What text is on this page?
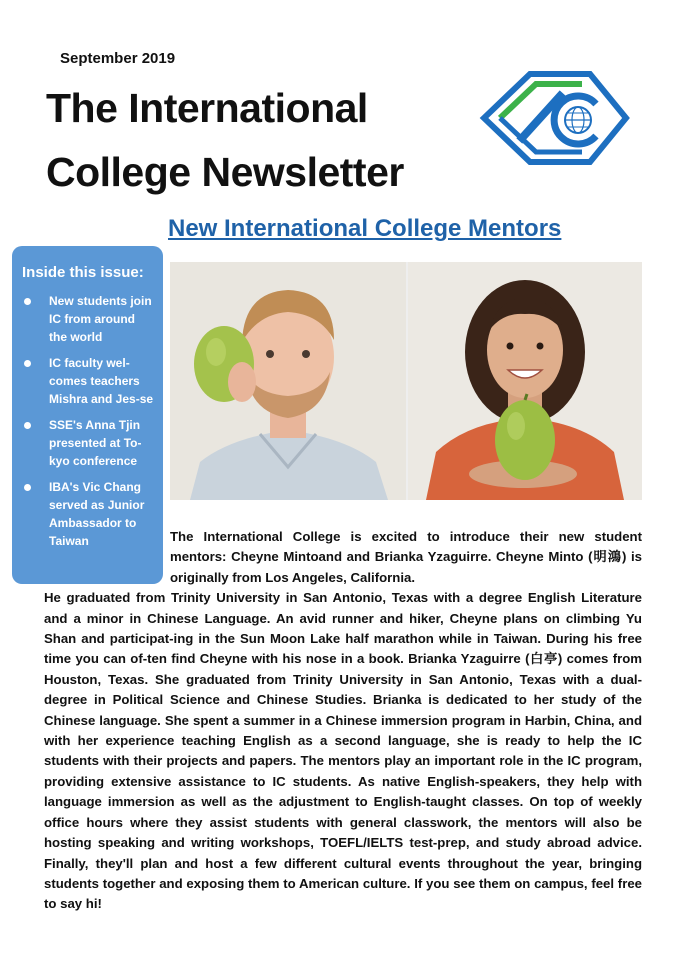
September 2019
The International
College Newsletter
New International College Mentors
Inside this issue:
New students join IC from around the world
IC faculty wel-comes teachers Mishra and Jes-se
SSE's Anna Tjin presented at To-kyo conference
IBA's Vic Chang served as Junior Ambassador to Taiwan	The International College is excited to introduce their new student mentors: Cheyne Mintoand and Brianka Yzaguirre. Cheyne Minto (明鴻) is originally from Los Angeles, California.

He graduated from Trinity University in San Antonio, Texas with a degree English Literature and a minor in Chinese Language. An avid runner and hiker, Cheyne plans on climbing Yu Shan and participat-ing in the Sun Moon Lake half marathon while in Taiwan. During his free time you can of-ten find Cheyne with his nose in a book. Brianka Yzaguirre (白亭) comes from Houston, Texas. She graduated from Trinity University in San Antonio, Texas with a dual-degree in Political Science and Chinese Studies. Brianka is dedicated to her study of the Chinese language. She spent a summer in a Chinese immersion program in Harbin, China, and with her experience teaching English as a second language, she is ready to help the IC students with their projects and papers. The mentors play an important role in the IC program, providing extensive assistance to IC students. As native English-speakers, they help with language immersion as well as the adjustment to English-taught classes. On top of weekly office hours where they assist students with general classwork, the mentors will also be hosting speaking and writing workshops, TOEFL/IELTS test-prep, and study abroad advice. Finally, they'll plan and host a few different cultural events throughout the year, bringing students together and exposing them to American culture. If you see them on campus, feel free to say hi!
